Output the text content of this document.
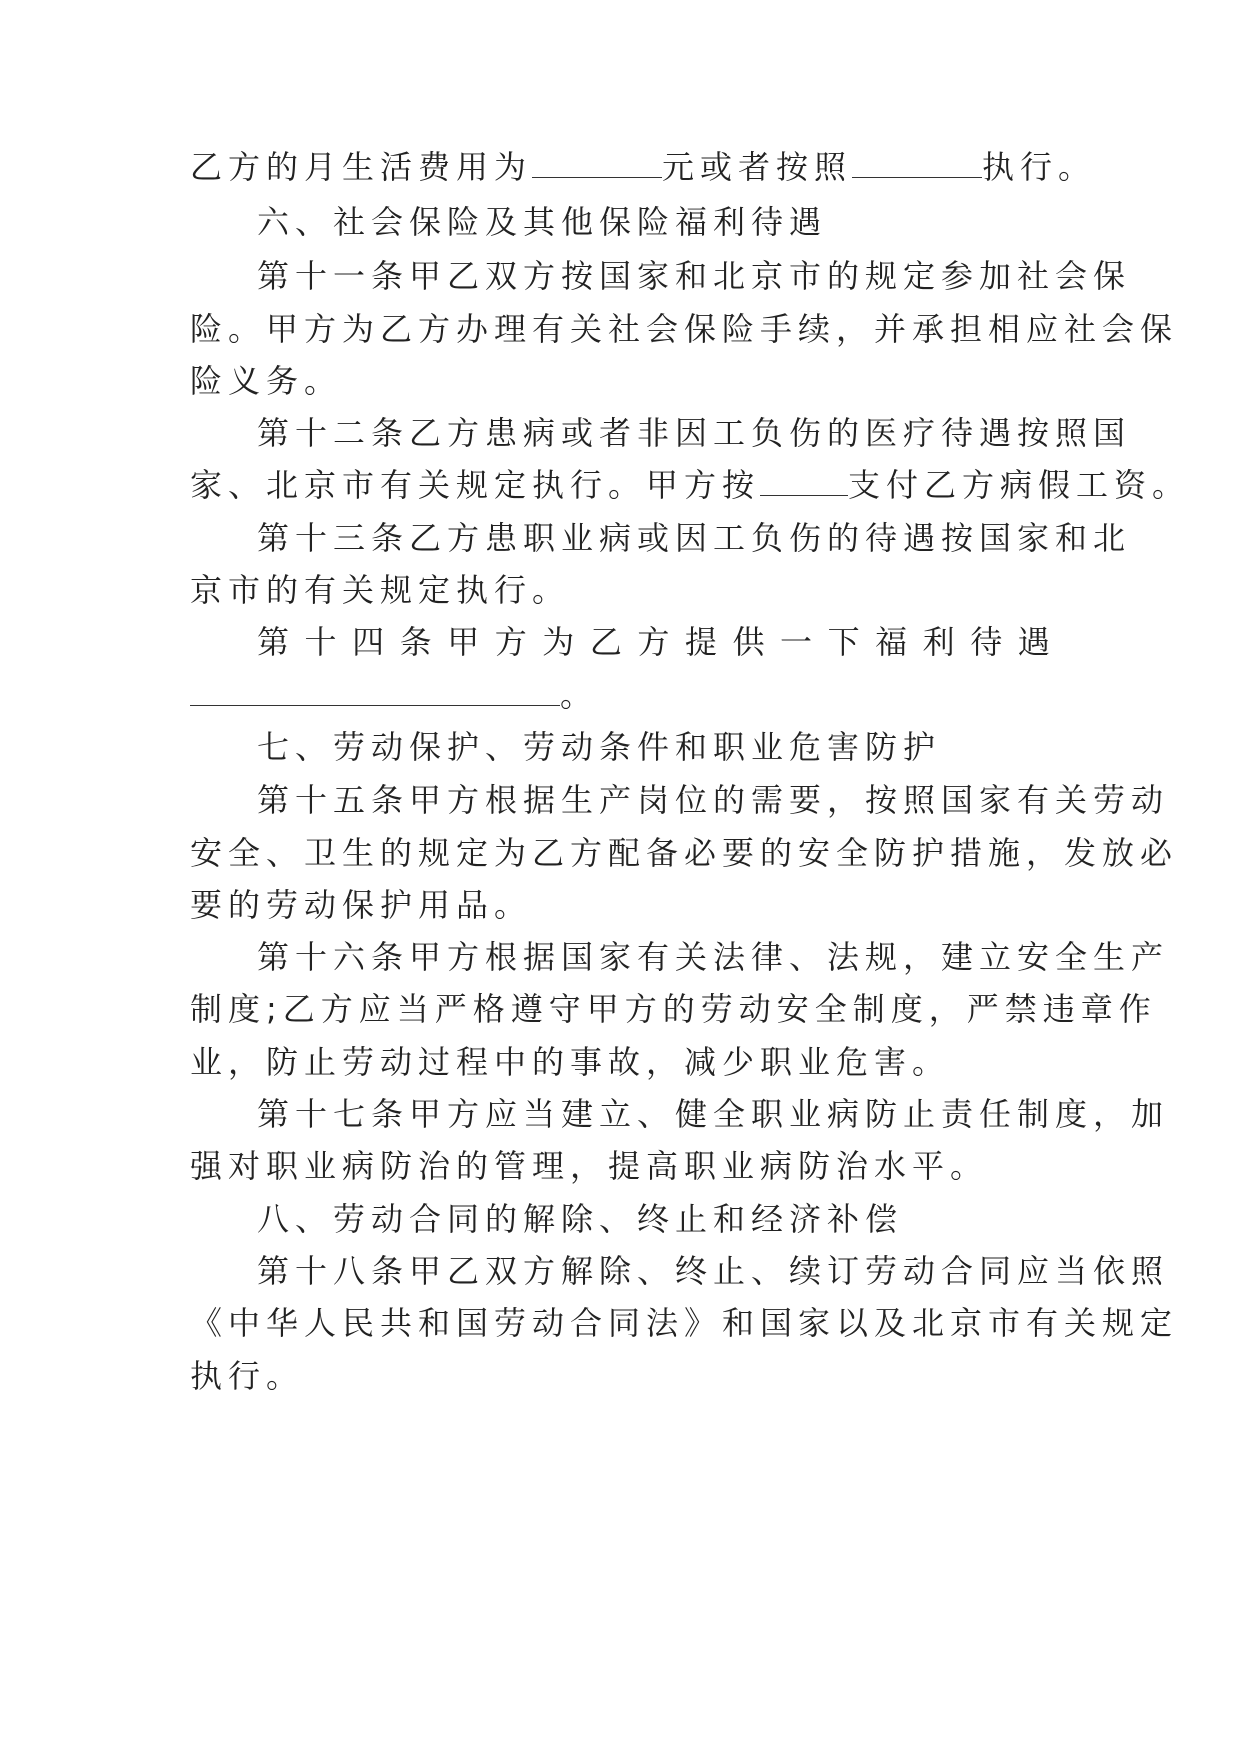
乙方的月生活费用为	元或者按照	执行。
六、社会保险及其他保险福利待遇
第十一条甲乙双方按国家和北京市的规定参加社会保
险。甲方为乙方办理有关社会保险手续，并承担相应社会保
险义务。
第十二条乙方患病或者非因工负伤的医疗待遇按照国
家、北京市有关规定执行。甲方按	支付乙方病假工资。
第十三条乙方患职业病或因工负伤的待遇按国家和北
京市的有关规定执行。
第 十 四 条 甲 方 为 乙 方 提 供 一 下 福 利 待 遇
。
七、劳动保护、劳动条件和职业危害防护
第十五条甲方根据生产岗位的需要，按照国家有关劳动
安全、卫生的规定为乙方配备必要的安全防护措施，发放必
要的劳动保护用品。
第十六条甲方根据国家有关法律、法规，建立安全生产
制度;乙方应当严格遵守甲方的劳动安全制度，严禁违章作
业，防止劳动过程中的事故，减少职业危害。
第十七条甲方应当建立、健全职业病防止责任制度，加
强对职业病防治的管理，提高职业病防治水平。
八、劳动合同的解除、终止和经济补偿
第十八条甲乙双方解除、终止、续订劳动合同应当依照
《中华人民共和国劳动合同法》和国家以及北京市有关规定
执行。
